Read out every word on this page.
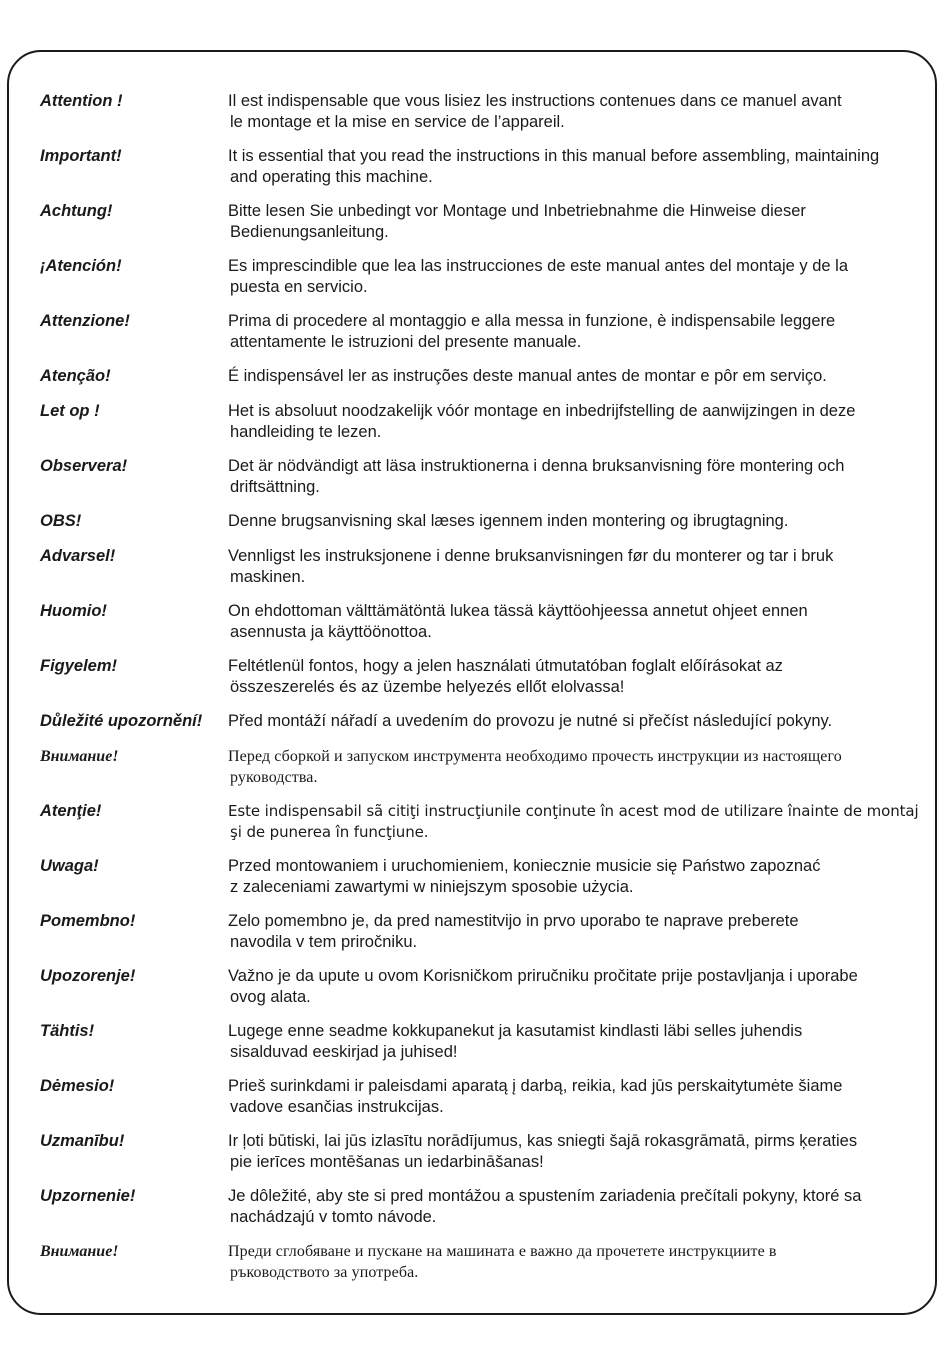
Attention !	Il est indispensable que vous lisiez les instructions contenues dans ce manuel avant
le montage et la mise en service de l’appareil.
Important!	It is essential that you read the instructions in this manual before assembling, maintaining
and operating this machine.
Achtung!	Bitte lesen Sie unbedingt vor Montage und Inbetriebnahme die Hinweise dieser
Bedienungsanleitung.
¡Atención!	Es imprescindible que lea las instrucciones de este manual antes del montaje y de la
puesta en servicio.
Attenzione!	Prima di procedere al montaggio e alla messa in funzione, è indispensabile leggere
attentamente le istruzioni del presente manuale.
Atenção!	É indispensável ler as instruções deste manual antes de montar e pôr em serviço.
Let op !	Het is absoluut noodzakelijk vóór montage en inbedrijfstelling de aanwijzingen in deze
handleiding te lezen.
Observera!	Det är nödvändigt att läsa instruktionerna i denna bruksanvisning före montering och
driftsättning.
OBS!	Denne brugsanvisning skal læses igennem inden montering og ibrugtagning.
Advarsel!	Vennligst les instruksjonene i denne bruksanvisningen før du monterer og tar i bruk
maskinen.
Huomio!	On ehdottoman välttämätöntä lukea tässä käyttöohjeessa annetut ohjeet ennen
asennusta ja käyttöönottoa.
Figyelem!	Feltétlenül fontos, hogy a jelen használati útmutatóban foglalt előírásokat az
összeszerelés és az üzembe helyezés ellőt elolvassa!
Důležité upozornění!	Před montáží nářadí a uvedením do provozu je nutné si přečíst následující pokyny.
Внимание!	Перед сборкой и запуском инструмента необходимо прочесть инструкции из настоящего
руководства.
Atenţie!	Este indispensabil sã citiţi instrucţiunile conţinute în acest mod de utilizare înainte de montaj
şi de punerea în funcţiune.
Uwaga!	Przed montowaniem i uruchomieniem, koniecznie musicie się Państwo zapoznać
z zaleceniami zawartymi w niniejszym sposobie użycia.
Pomembno!	Zelo pomembno je, da pred namestitvijo in prvo uporabo te naprave preberete
navodila v tem priročniku.
Upozorenje!	Važno je da upute u ovom Korisničkom priručniku pročitate prije postavljanja i uporabe
ovog alata.
Tähtis!	Lugege enne seadme kokkupanekut ja kasutamist kindlasti läbi selles juhendis
sisalduvad eeskirjad ja juhised!
Dėmesio!	Prieš surinkdami ir paleisdami aparatą į darbą, reikia, kad jūs perskaitytumėte šiame
vadove esančias instrukcijas.
Uzmanību!	Ir ļoti būtiski, lai jūs izlasītu norādījumus, kas sniegti šajā rokasgrāmatā, pirms ķeraties
pie ierīces montēšanas un iedarbināšanas!
Upzornenie!	Je dôležité, aby ste si pred montážou a spustením zariadenia prečítali pokyny, ktoré sa
nachádzajú v tomto návode.
Внимание!	Преди сглобяване и пускане на машината е важно да прочетете инструкциите в
ръководството за употреба.
